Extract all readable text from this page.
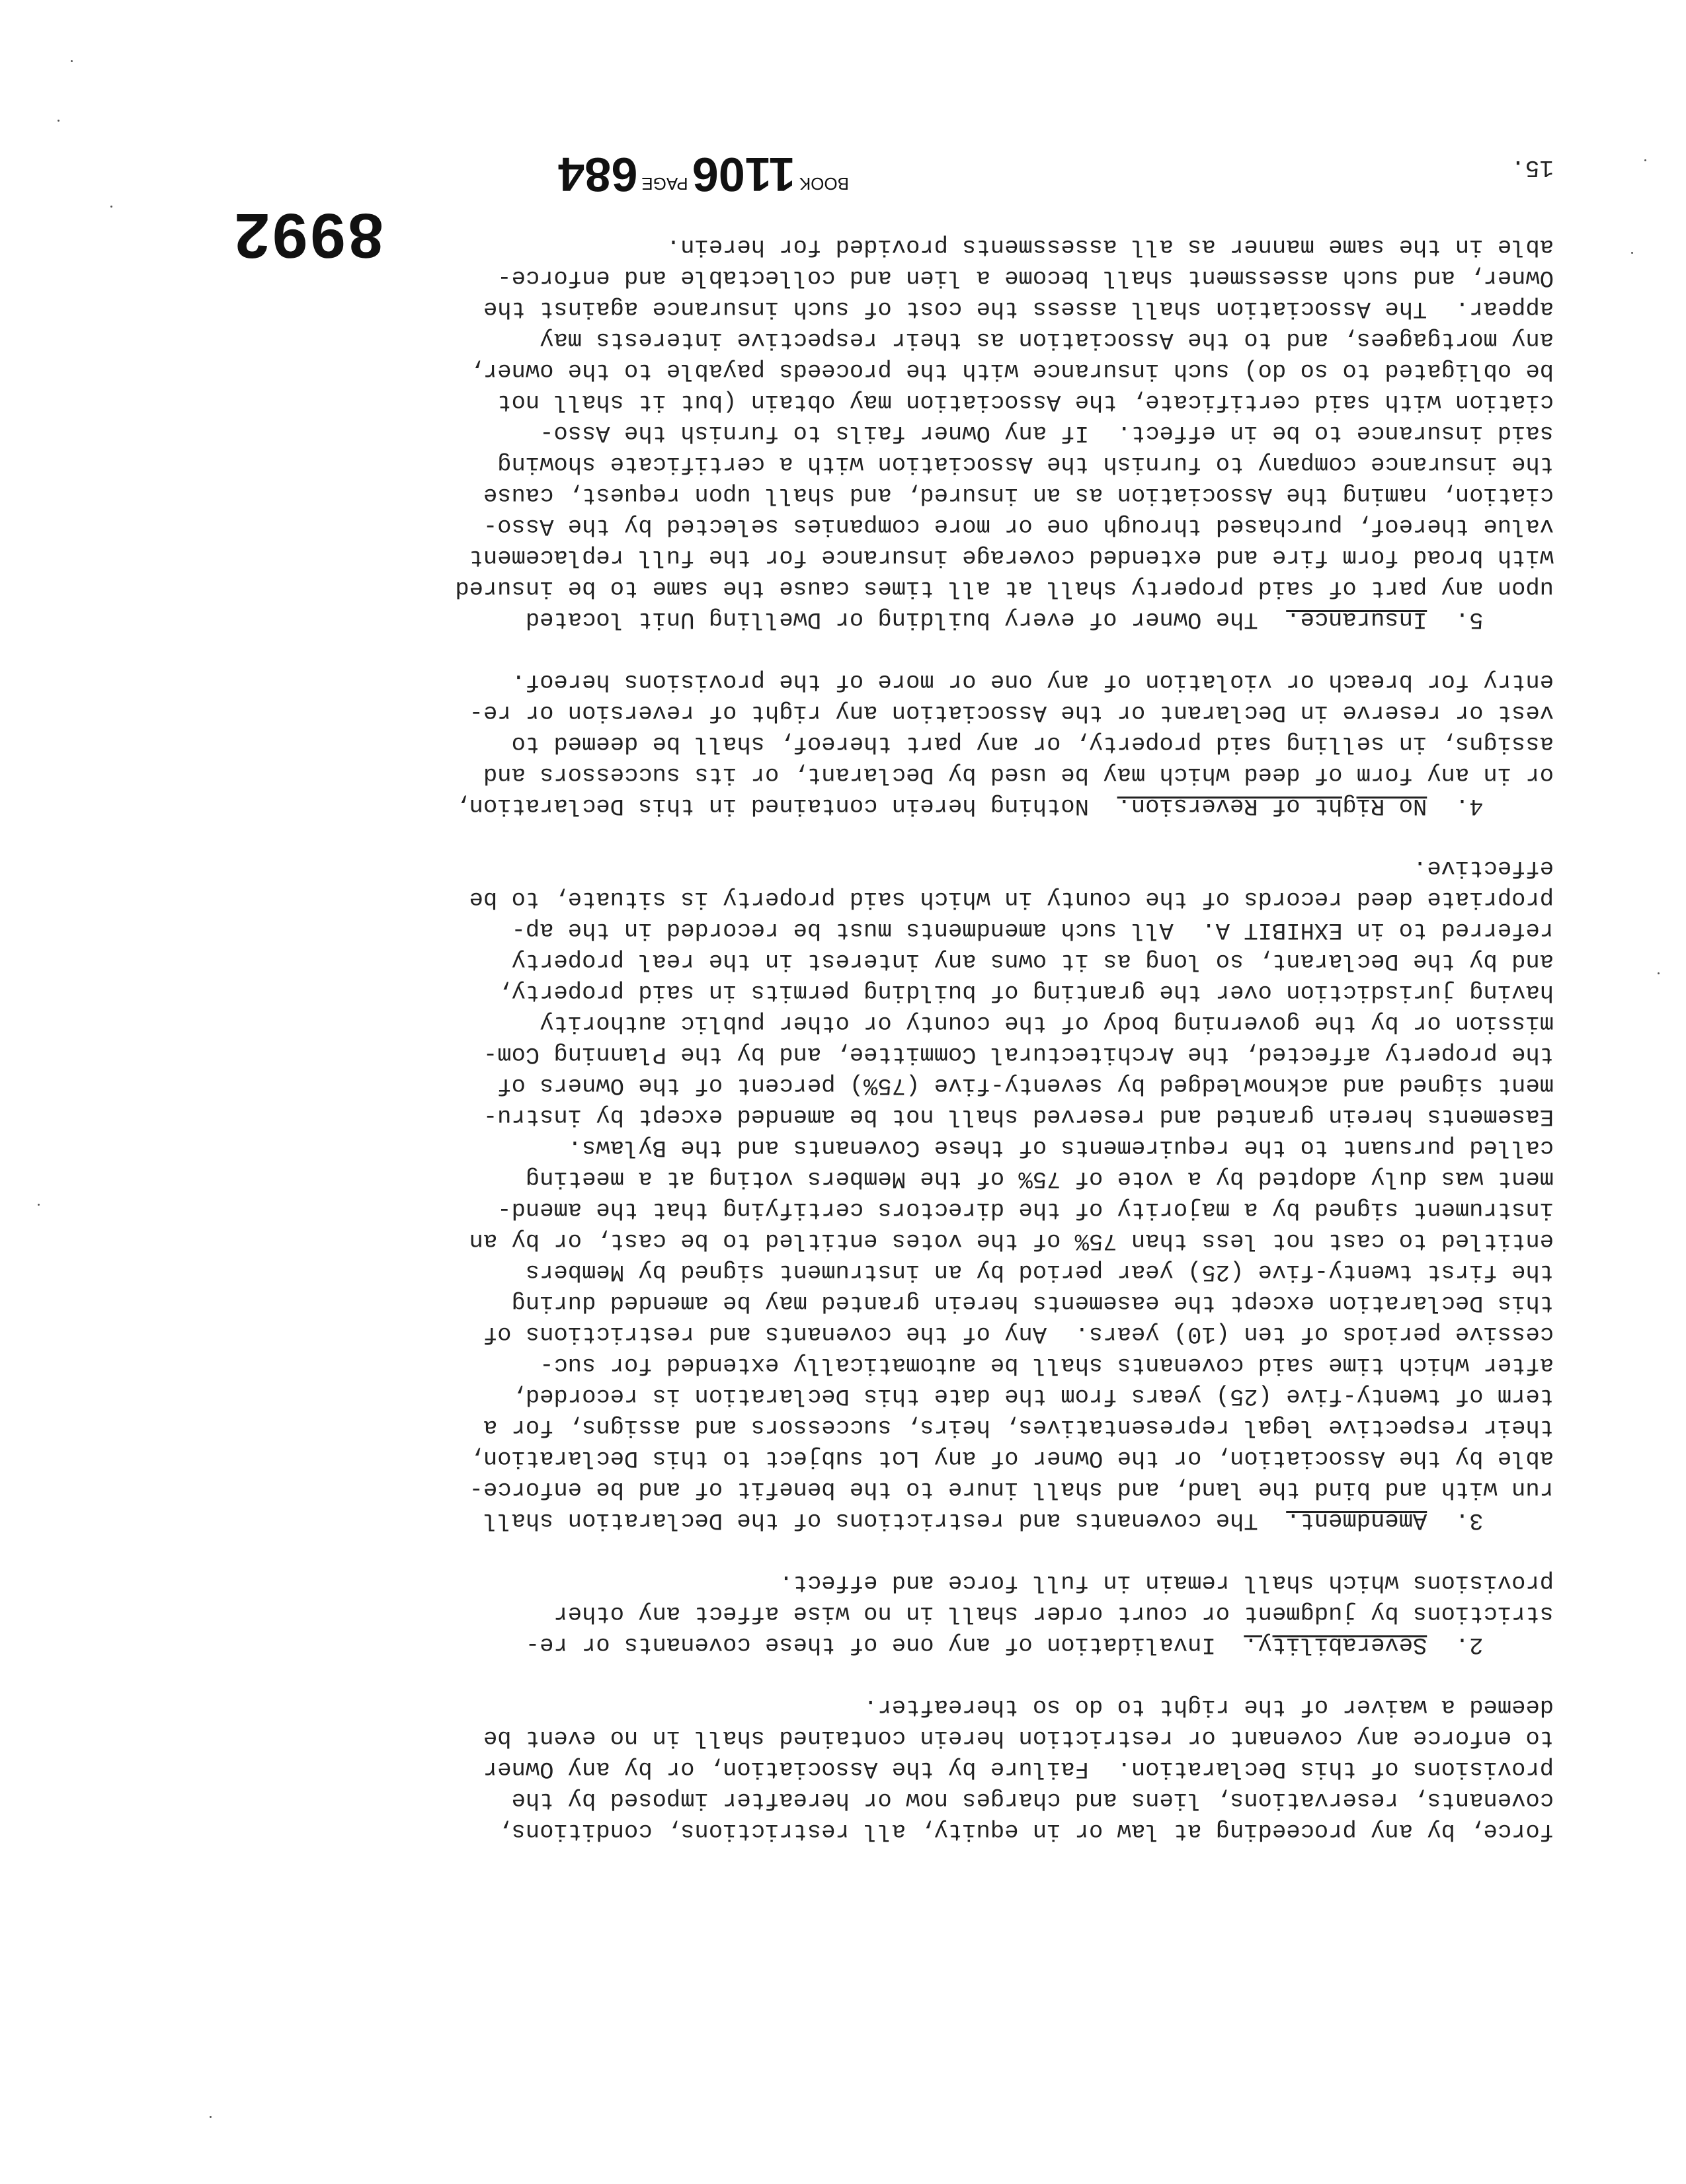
8992

force, by any proceeding at law or in equity, all restrictions, conditions,

covenants, reservations, liens and charges now or hereafter imposed by the

provisions of this Declaration.  Failure by the Association, or by any Owner

to enforce any covenant or restriction herein contained shall in no event be

deemed a waiver of the right to do so thereafter.

2.  Severability.  Invalidation of any one of these covenants or re-

strictions by judgment or court order shall in no wise affect any other

provisions which shall remain in full force and effect.

3.  Amendment.  The covenants and restrictions of the Declaration shall

run with and bind the land, and shall inure to the benefit of and be enforce-

able by the Association, or the Owner of any Lot subject to this Declaration,

their respective legal representatives, heirs, successors and assigns, for a

term of twenty-five (25) years from the date this Declaration is recorded,

after which time said covenants shall be automatically extended for suc-

cessive periods of ten (10) years.  Any of the covenants and restrictions of

this Declaration except the easements herein granted may be amended during

the first twenty-five (25) year period by an instrument signed by Members

entitled to cast not less than 75% of the votes entitled to be cast, or by an

instrument signed by a majority of the directors certifying that the amend-

ment was duly adopted by a vote of 75% of the Members voting at a meeting

called pursuant to the requirements of these Covenants and the Bylaws.

Easements herein granted and reserved shall not be amended except by instru-

ment signed and acknowledged by seventy-five (75%) percent of the Owners of

the property affected, the Architectural Committee, and by the Planning Com-

mission or by the governing body of the county or other public authority

having jurisdiction over the granting of building permits in said property,

and by the Declarant, so long as it owns any interest in the real property

referred to in EXHIBIT A.  All such amendments must be recorded in the ap-

propriate deed records of the county in which said property is situate, to be

effective.

4.  No Right of Reversion.  Nothing herein contained in this Declaration,

or in any form of deed which may be used by Declarant, or its successors and

assigns, in selling said property, or any part thereof, shall be deemed to

vest or reserve in Declarant or the Association any right of reversion or re-

entry for breach or violation of any one or more of the provisions hereof.

5.  Insurance.  The Owner of every building or Dwelling Unit located

upon any part of said property shall at all times cause the same to be insured

with broad form fire and extended coverage insurance for the full replacement

value thereof, purchased through one or more companies selected by the Asso-

ciation, naming the Association as an insured, and shall upon request, cause

the insurance company to furnish the Association with a certificate showing

said insurance to be in effect.  If any Owner fails to furnish the Asso-

ciation with said certificate, the Association may obtain (but it shall not

be obligated to so do) such insurance with the proceeds payable to the owner,

any mortgagees, and to the Association as their respective interests may

appear.  The Association shall assess the cost of such insurance against the

Owner, and such assessment shall become a lien and collectable and enforce-

able in the same manner as all assessments provided for herein.

15.
$^{BOOK}1106^{PAGE}684$
